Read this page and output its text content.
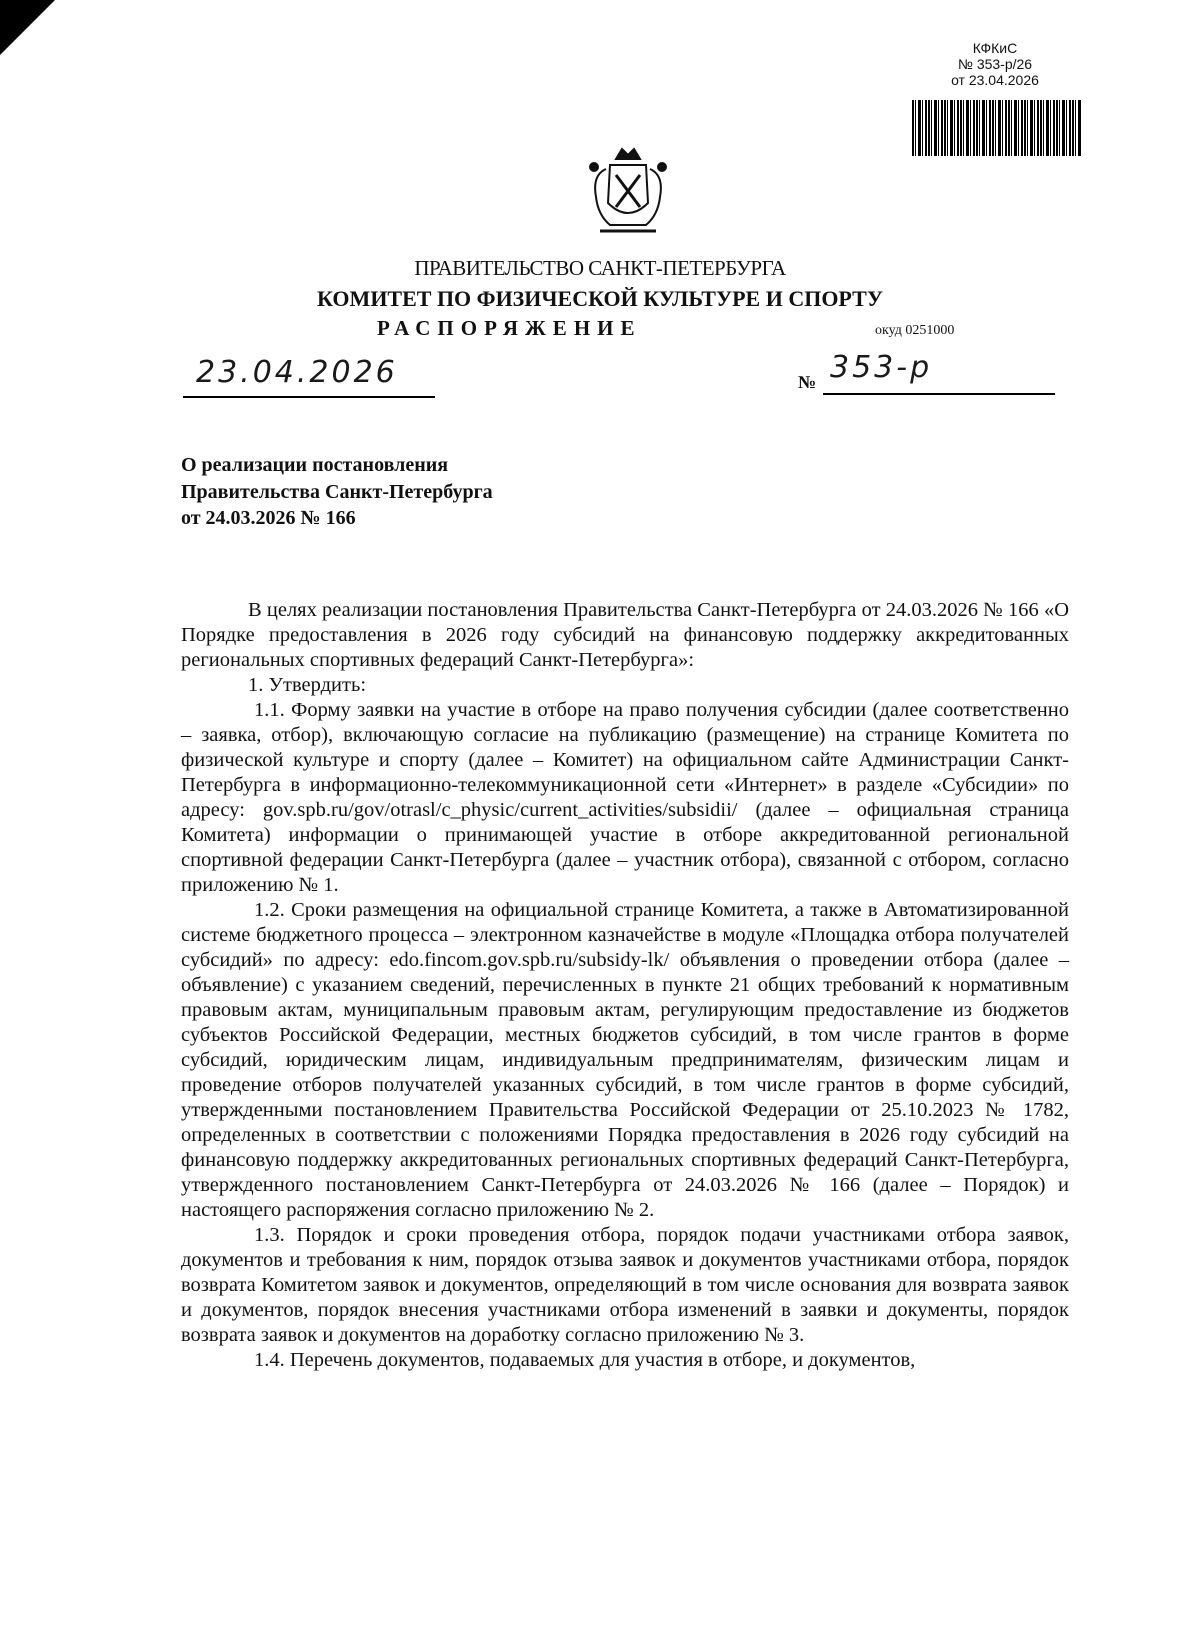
КФКиС
№ 353-р/26
от 23.04.2026
ПРАВИТЕЛЬСТВО САНКТ-ПЕТЕРБУРГА
КОМИТЕТ ПО ФИЗИЧЕСКОЙ КУЛЬТУРЕ И СПОРТУ
РАСПОРЯЖЕНИЕ	окуд 0251000
23.04.2026	№ 353-р
О реализации постановления
Правительства Санкт-Петербурга
от 24.03.2026 № 166

В целях реализации постановления Правительства Санкт-Петербурга от 24.03.2026 № 166 «О Порядке предоставления в 2026 году субсидий на финансовую поддержку аккредитованных региональных спортивных федераций Санкт-Петербурга»:

1. Утвердить:

1.1. Форму заявки на участие в отборе на право получения субсидии (далее соответственно – заявка, отбор), включающую согласие на публикацию (размещение) на странице Комитета по физической культуре и спорту (далее – Комитет) на официальном сайте Администрации Санкт-Петербурга в информационно-телекоммуникационной сети «Интернет» в разделе «Субсидии» по адресу: gov.spb.ru/gov/otrasl/c_physic/current_activities/subsidii/ (далее – официальная страница Комитета) информации о принимающей участие в отборе аккредитованной региональной спортивной федерации Санкт-Петербурга (далее – участник отбора), связанной с отбором, согласно приложению № 1.

1.2. Сроки размещения на официальной странице Комитета, а также в Автоматизированной системе бюджетного процесса – электронном казначействе в модуле «Площадка отбора получателей субсидий» по адресу: edo.fincom.gov.spb.ru/subsidy-lk/ объявления о проведении отбора (далее – объявление) с указанием сведений, перечисленных в пункте 21 общих требований к нормативным правовым актам, муниципальным правовым актам, регулирующим предоставление из бюджетов субъектов Российской Федерации, местных бюджетов субсидий, в том числе грантов в форме субсидий, юридическим лицам, индивидуальным предпринимателям, физическим лицам и проведение отборов получателей указанных субсидий, в том числе грантов в форме субсидий, утвержденными постановлением Правительства Российской Федерации от 25.10.2023 № 1782, определенных в соответствии с положениями Порядка предоставления в 2026 году субсидий на финансовую поддержку аккредитованных региональных спортивных федераций Санкт-Петербурга, утвержденного постановлением Санкт-Петербурга от 24.03.2026 № 166 (далее – Порядок) и настоящего распоряжения согласно приложению № 2.

1.3. Порядок и сроки проведения отбора, порядок подачи участниками отбора заявок, документов и требования к ним, порядок отзыва заявок и документов участниками отбора, порядок возврата Комитетом заявок и документов, определяющий в том числе основания для возврата заявок и документов, порядок внесения участниками отбора изменений в заявки и документы, порядок возврата заявок и документов на доработку согласно приложению № 3.

1.4. Перечень документов, подаваемых для участия в отборе, и документов,
